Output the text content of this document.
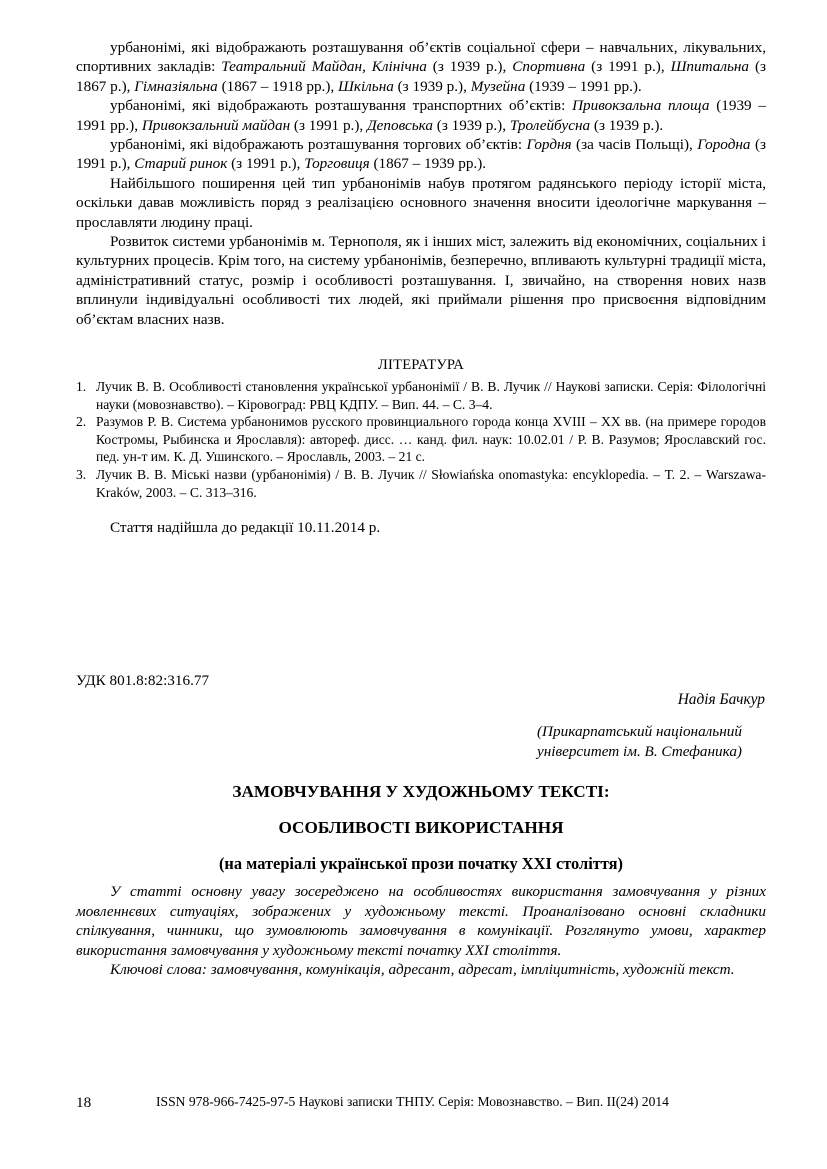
урбанонімі, які відображають розташування об’єктів соціальної сфери – навчальних, лікувальних, спортивних закладів: Театральний Майдан, Клінічна (з 1939 р.), Спортивна (з 1991 р.), Шпитальна (з 1867 р.), Гімназіяльна (1867 – 1918 рр.), Шкільна (з 1939 р.), Музейна (1939 – 1991 рр.).

урбанонімі, які відображають розташування транспортних об’єктів: Привокзальна площа (1939 – 1991 рр.), Привокзальний майдан (з 1991 р.), Деповська (з 1939 р.), Тролейбусна (з 1939 р.).

урбанонімі, які відображають розташування торгових об’єктів: Гордня (за часів Польщі), Городна (з 1991 р.), Старий ринок (з 1991 р.), Торговиця (1867 – 1939 рр.).

Найбільшого поширення цей тип урбанонімів набув протягом радянського періоду історії міста, оскільки давав можливість поряд з реалізацією основного значення вносити ідеологічне маркування – прославляти людину праці.

Розвиток системи урбанонімів м. Тернополя, як і інших міст, залежить від економічних, соціальних і культурних процесів. Крім того, на систему урбанонімів, безперечно, впливають культурні традиції міста, адміністративний статус, розмір і особливості розташування. І, звичайно, на створення нових назв вплинули індивідуальні особливості тих людей, які приймали рішення про присвоєння відповідним об’єктам власних назв.

ЛІТЕРАТУРА
1. Лучик В. В. Особливості становлення української урбанонімії / В. В. Лучик // Наукові записки. Серія: Філологічні науки (мовознавство). – Кіровоград: РВЦ КДПУ. – Вип. 44. – С. 3–4.
2. Разумов Р. В. Система урбанонимов русского провинциального города конца XVIII – XX вв. (на примере городов Костромы, Рыбинска и Ярославля): автореф. дисс. … канд. фил. наук: 10.02.01 / Р. В. Разумов; Ярославский гос. пед. ун-т им. К. Д. Ушинского. – Ярославль, 2003. – 21 с.
3. Лучик В. В. Міські назви (урбанонімія) / В. В. Лучик // Słowiańska onomastyka: encyklopedia. – Т. 2. – Warszawa-Kraków, 2003. – С. 313–316.
Стаття надійшла до редакції 10.11.2014 р.
УДК 801.8:82:316.77
Надія Бачкур
(Прикарпатський національний
університет ім. В. Стефаника)
ЗАМОВЧУВАННЯ У ХУДОЖНЬОМУ ТЕКСТІ:
ОСОБЛИВОСТІ ВИКОРИСТАННЯ
(на матеріалі української прози початку XXI століття)

У статті основну увагу зосереджено на особливостях використання замовчування у різних мовленнєвих ситуаціях, зображених у художньому тексті. Проаналізовано основні складники спілкування, чинники, що зумовлюють замовчування в комунікації. Розглянуто умови, характер використання замовчування у художньому тексті початку XXI століття.

Ключові слова: замовчування, комунікація, адресант, адресат, імпліцитність, художній текст.

18	ISSN 978-966-7425-97-5 Наукові записки ТНПУ. Серія: Мовознавство. – Вип. ІІ(24) 2014
